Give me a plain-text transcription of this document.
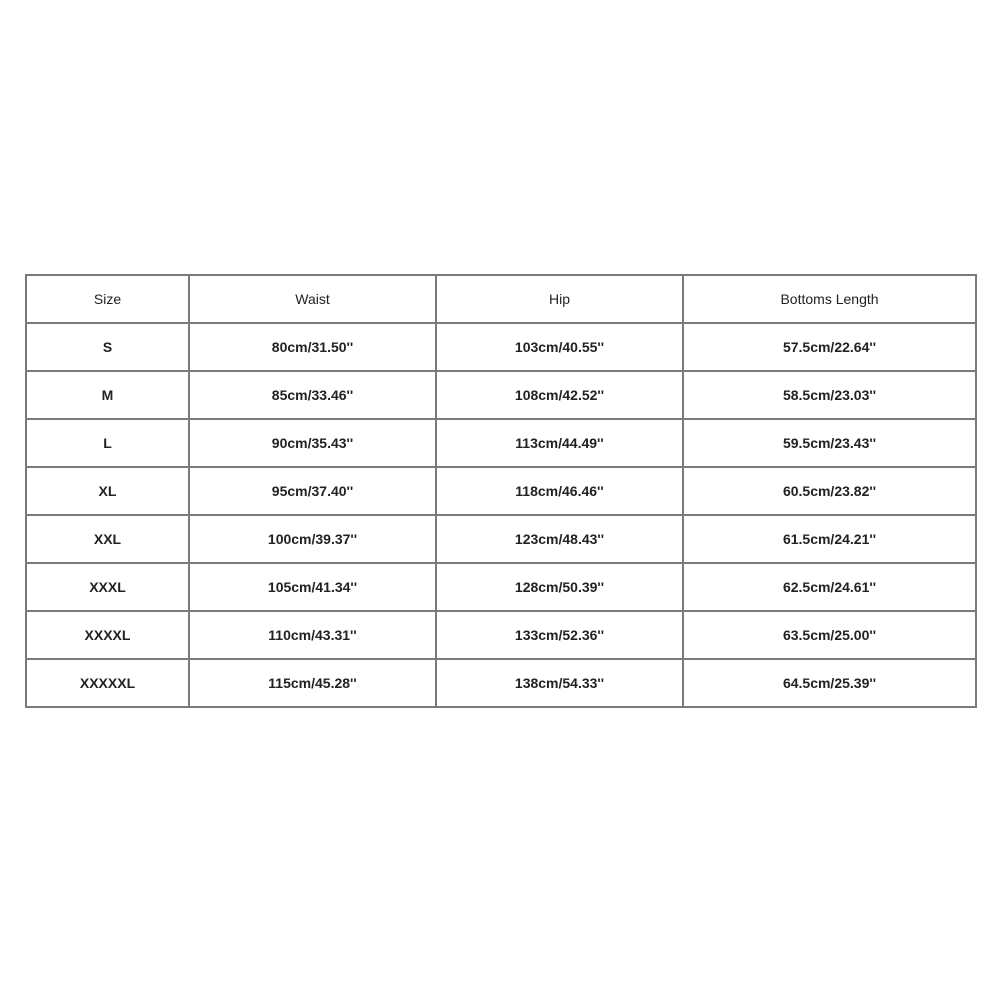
Size	Waist	Hip	Bottoms Length
S	80cm/31.50''	103cm/40.55''	57.5cm/22.64''
M	85cm/33.46''	108cm/42.52''	58.5cm/23.03''
L	90cm/35.43''	113cm/44.49''	59.5cm/23.43''
XL	95cm/37.40''	118cm/46.46''	60.5cm/23.82''
XXL	100cm/39.37''	123cm/48.43''	61.5cm/24.21''
XXXL	105cm/41.34''	128cm/50.39''	62.5cm/24.61''
XXXXL	110cm/43.31''	133cm/52.36''	63.5cm/25.00''
XXXXXL	115cm/45.28''	138cm/54.33''	64.5cm/25.39''
